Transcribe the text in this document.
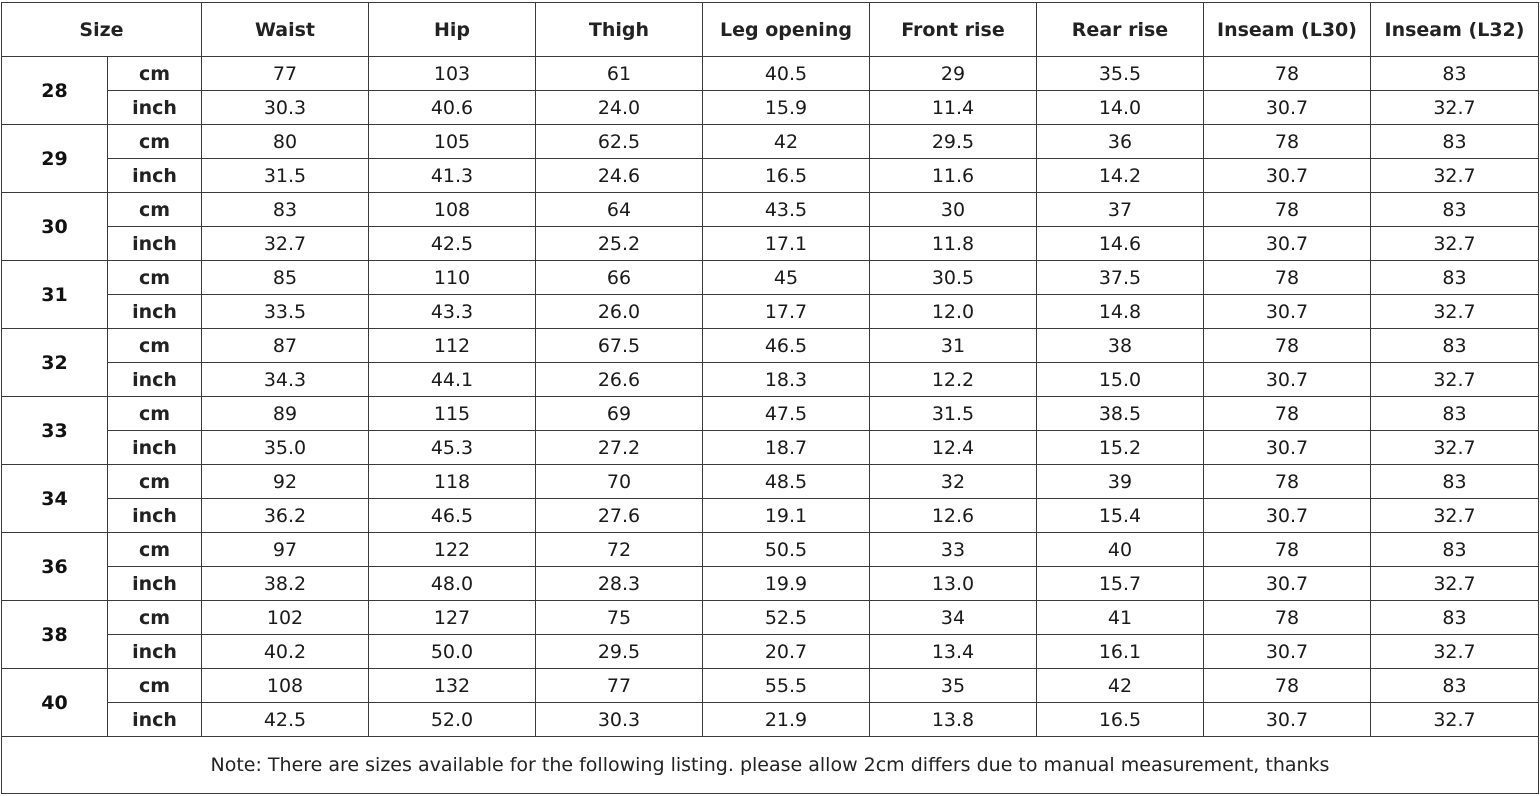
Size		Waist	Hip	Thigh	Leg opening	Front rise	Rear rise	Inseam (L30)	Inseam (L32)
28	cm	77	103	61	40.5	29	35.5	78	83
	inch	30.3	40.6	24.0	15.9	11.4	14.0	30.7	32.7
29	cm	80	105	62.5	42	29.5	36	78	83
	inch	31.5	41.3	24.6	16.5	11.6	14.2	30.7	32.7
30	cm	83	108	64	43.5	30	37	78	83
	inch	32.7	42.5	25.2	17.1	11.8	14.6	30.7	32.7
31	cm	85	110	66	45	30.5	37.5	78	83
	inch	33.5	43.3	26.0	17.7	12.0	14.8	30.7	32.7
32	cm	87	112	67.5	46.5	31	38	78	83
	inch	34.3	44.1	26.6	18.3	12.2	15.0	30.7	32.7
33	cm	89	115	69	47.5	31.5	38.5	78	83
	inch	35.0	45.3	27.2	18.7	12.4	15.2	30.7	32.7
34	cm	92	118	70	48.5	32	39	78	83
	inch	36.2	46.5	27.6	19.1	12.6	15.4	30.7	32.7
36	cm	97	122	72	50.5	33	40	78	83
	inch	38.2	48.0	28.3	19.9	13.0	15.7	30.7	32.7
38	cm	102	127	75	52.5	34	41	78	83
	inch	40.2	50.0	29.5	20.7	13.4	16.1	30.7	32.7
40	cm	108	132	77	55.5	35	42	78	83
	inch	42.5	52.0	30.3	21.9	13.8	16.5	30.7	32.7
Note: There are sizes available for the following listing. please allow 2cm differs due to manual measurement, thanks									
